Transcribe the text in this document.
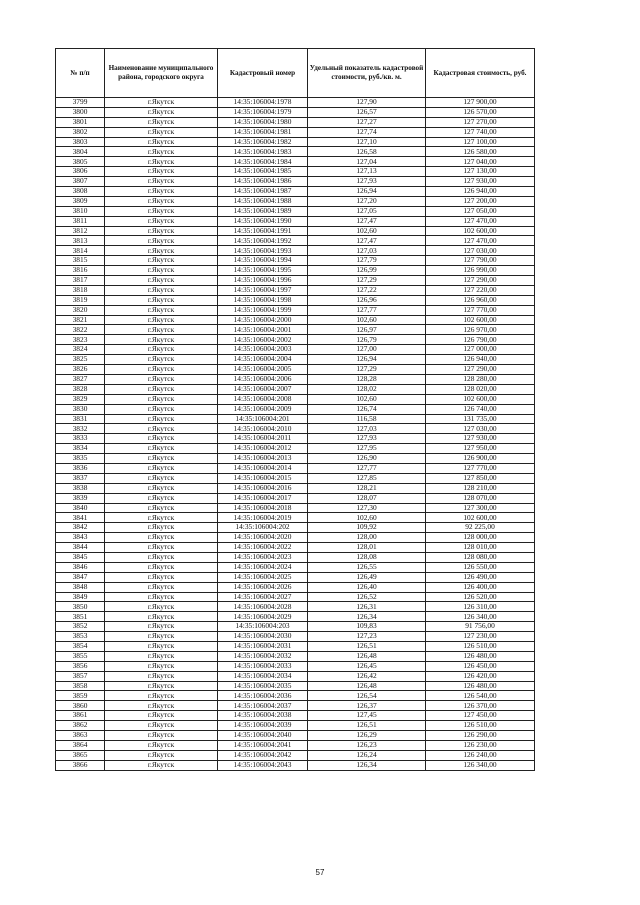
№ п/п	Наименование муниципального района, городского округа	Кадастровый номер	Удельный показатель кадастровой стоимости, руб./кв. м.	Кадастровая стоимость, руб.
3799	г.Якутск	14:35:106004:1978	127,90	127 900,00
3800	г.Якутск	14:35:106004:1979	126,57	126 570,00
3801	г.Якутск	14:35:106004:1980	127,27	127 270,00
3802	г.Якутск	14:35:106004:1981	127,74	127 740,00
3803	г.Якутск	14:35:106004:1982	127,10	127 100,00
3804	г.Якутск	14:35:106004:1983	126,58	126 580,00
3805	г.Якутск	14:35:106004:1984	127,04	127 040,00
3806	г.Якутск	14:35:106004:1985	127,13	127 130,00
3807	г.Якутск	14:35:106004:1986	127,93	127 930,00
3808	г.Якутск	14:35:106004:1987	126,94	126 940,00
3809	г.Якутск	14:35:106004:1988	127,20	127 200,00
3810	г.Якутск	14:35:106004:1989	127,05	127 050,00
3811	г.Якутск	14:35:106004:1990	127,47	127 470,00
3812	г.Якутск	14:35:106004:1991	102,60	102 600,00
3813	г.Якутск	14:35:106004:1992	127,47	127 470,00
3814	г.Якутск	14:35:106004:1993	127,03	127 030,00
3815	г.Якутск	14:35:106004:1994	127,79	127 790,00
3816	г.Якутск	14:35:106004:1995	126,99	126 990,00
3817	г.Якутск	14:35:106004:1996	127,29	127 290,00
3818	г.Якутск	14:35:106004:1997	127,22	127 220,00
3819	г.Якутск	14:35:106004:1998	126,96	126 960,00
3820	г.Якутск	14:35:106004:1999	127,77	127 770,00
3821	г.Якутск	14:35:106004:2000	102,60	102 600,00
3822	г.Якутск	14:35:106004:2001	126,97	126 970,00
3823	г.Якутск	14:35:106004:2002	126,79	126 790,00
3824	г.Якутск	14:35:106004:2003	127,00	127 000,00
3825	г.Якутск	14:35:106004:2004	126,94	126 940,00
3826	г.Якутск	14:35:106004:2005	127,29	127 290,00
3827	г.Якутск	14:35:106004:2006	128,28	128 280,00
3828	г.Якутск	14:35:106004:2007	128,02	128 020,00
3829	г.Якутск	14:35:106004:2008	102,60	102 600,00
3830	г.Якутск	14:35:106004:2009	126,74	126 740,00
3831	г.Якутск	14:35:106004:201	116,58	131 735,00
3832	г.Якутск	14:35:106004:2010	127,03	127 030,00
3833	г.Якутск	14:35:106004:2011	127,93	127 930,00
3834	г.Якутск	14:35:106004:2012	127,95	127 950,00
3835	г.Якутск	14:35:106004:2013	126,90	126 900,00
3836	г.Якутск	14:35:106004:2014	127,77	127 770,00
3837	г.Якутск	14:35:106004:2015	127,85	127 850,00
3838	г.Якутск	14:35:106004:2016	128,21	128 210,00
3839	г.Якутск	14:35:106004:2017	128,07	128 070,00
3840	г.Якутск	14:35:106004:2018	127,30	127 300,00
3841	г.Якутск	14:35:106004:2019	102,60	102 600,00
3842	г.Якутск	14:35:106004:202	109,92	92 225,00
3843	г.Якутск	14:35:106004:2020	128,00	128 000,00
3844	г.Якутск	14:35:106004:2022	128,01	128 010,00
3845	г.Якутск	14:35:106004:2023	128,08	128 080,00
3846	г.Якутск	14:35:106004:2024	126,55	126 550,00
3847	г.Якутск	14:35:106004:2025	126,49	126 490,00
3848	г.Якутск	14:35:106004:2026	126,40	126 400,00
3849	г.Якутск	14:35:106004:2027	126,52	126 520,00
3850	г.Якутск	14:35:106004:2028	126,31	126 310,00
3851	г.Якутск	14:35:106004:2029	126,34	126 340,00
3852	г.Якутск	14:35:106004:203	109,83	91 756,00
3853	г.Якутск	14:35:106004:2030	127,23	127 230,00
3854	г.Якутск	14:35:106004:2031	126,51	126 510,00
3855	г.Якутск	14:35:106004:2032	126,48	126 480,00
3856	г.Якутск	14:35:106004:2033	126,45	126 450,00
3857	г.Якутск	14:35:106004:2034	126,42	126 420,00
3858	г.Якутск	14:35:106004:2035	126,48	126 480,00
3859	г.Якутск	14:35:106004:2036	126,54	126 540,00
3860	г.Якутск	14:35:106004:2037	126,37	126 370,00
3861	г.Якутск	14:35:106004:2038	127,45	127 450,00
3862	г.Якутск	14:35:106004:2039	126,51	126 510,00
3863	г.Якутск	14:35:106004:2040	126,29	126 290,00
3864	г.Якутск	14:35:106004:2041	126,23	126 230,00
3865	г.Якутск	14:35:106004:2042	126,24	126 240,00
3866	г.Якутск	14:35:106004:2043	126,34	126 340,00
57
